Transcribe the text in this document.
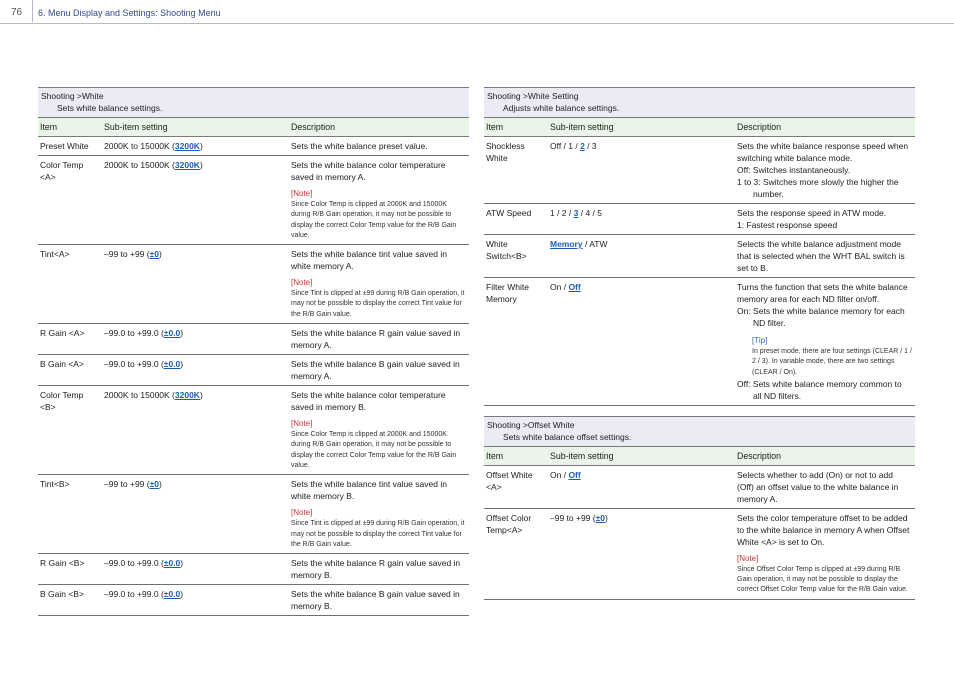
76 6. Menu Display and Settings: Shooting Menu
Shooting >White
Sets white balance settings.		

Item	Sub-item setting	Description
Preset White	2000K to 15000K (3200K)	Sets the white balance preset value.
Color Temp <A>	2000K to 15000K (3200K)	Sets the white balance color temperature saved in memory A.
[Note]
Since Color Temp is clipped at 2000K and 15000K during R/B Gain operation, it may not be possible to display the correct Color Temp value for the R/B Gain value.

Tint<A>	–99 to +99 (±0)	Sets the white balance tint value saved in white memory A.
[Note]
Since Tint is clipped at ±99 during R/B Gain operation, it may not be possible to display the correct Tint value for the R/B Gain value.

R Gain <A>	–99.0 to +99.0 (±0.0)	Sets the white balance R gain value saved in memory A.
B Gain <A>	–99.0 to +99.0 (±0.0)	Sets the white balance B gain value saved in memory A.
Color Temp <B>	2000K to 15000K (3200K)	Sets the white balance color temperature saved in memory B.
[Note]
Since Color Temp is clipped at 2000K and 15000K during R/B Gain operation, it may not be possible to display the correct Color Temp value for the R/B Gain value.

Tint<B>	–99 to +99 (±0)	Sets the white balance tint value saved in white memory B.
[Note]
Since Tint is clipped at ±99 during R/B Gain operation, it may not be possible to display the correct Tint value for the R/B Gain value.

R Gain <B>	–99.0 to +99.0 (±0.0)	Sets the white balance R gain value saved in memory B.
B Gain <B>	–99.0 to +99.0 (±0.0)	Sets the white balance B gain value saved in memory B.
Shooting >White Setting
Adjusts white balance settings.		

Item	Sub-item setting	Description
Shockless White	Off / 1 / 2 / 3	Sets the white balance response speed when switching white balance mode.
Off: Switches instantaneously.
1 to 3: Switches more slowly the higher the number.

ATW Speed	1 / 2 / 3 / 4 / 5	Sets the response speed in ATW mode.
1: Fastest response speed

White Switch<B>	Memory / ATW	Selects the white balance adjustment mode that is selected when the WHT BAL switch is set to B.
Filter White Memory	On / Off	Turns the function that sets the white balance memory area for each ND filter on/off.
On: Sets the white balance memory for each ND filter.
[Tip]
In preset mode, there are four settings (CLEAR / 1 / 2 / 3). In variable mode, there are two settings (CLEAR / On).
Off: Sets white balance memory common to all ND filters.
Shooting >Offset White
Sets white balance offset settings.		

Item	Sub-item setting	Description
Offset White <A>	On / Off	Selects whether to add (On) or not to add (Off) an offset value to the white balance in memory A.
Offset Color Temp<A>	–99 to +99 (±0)	Sets the color temperature offset to be added to the white balance in memory A when Offset White <A> is set to On.
[Note]
Since Offset Color Temp is clipped at ±99 during R/B Gain operation, it may not be possible to display the correct Offset Color Temp value for the R/B Gain value.
